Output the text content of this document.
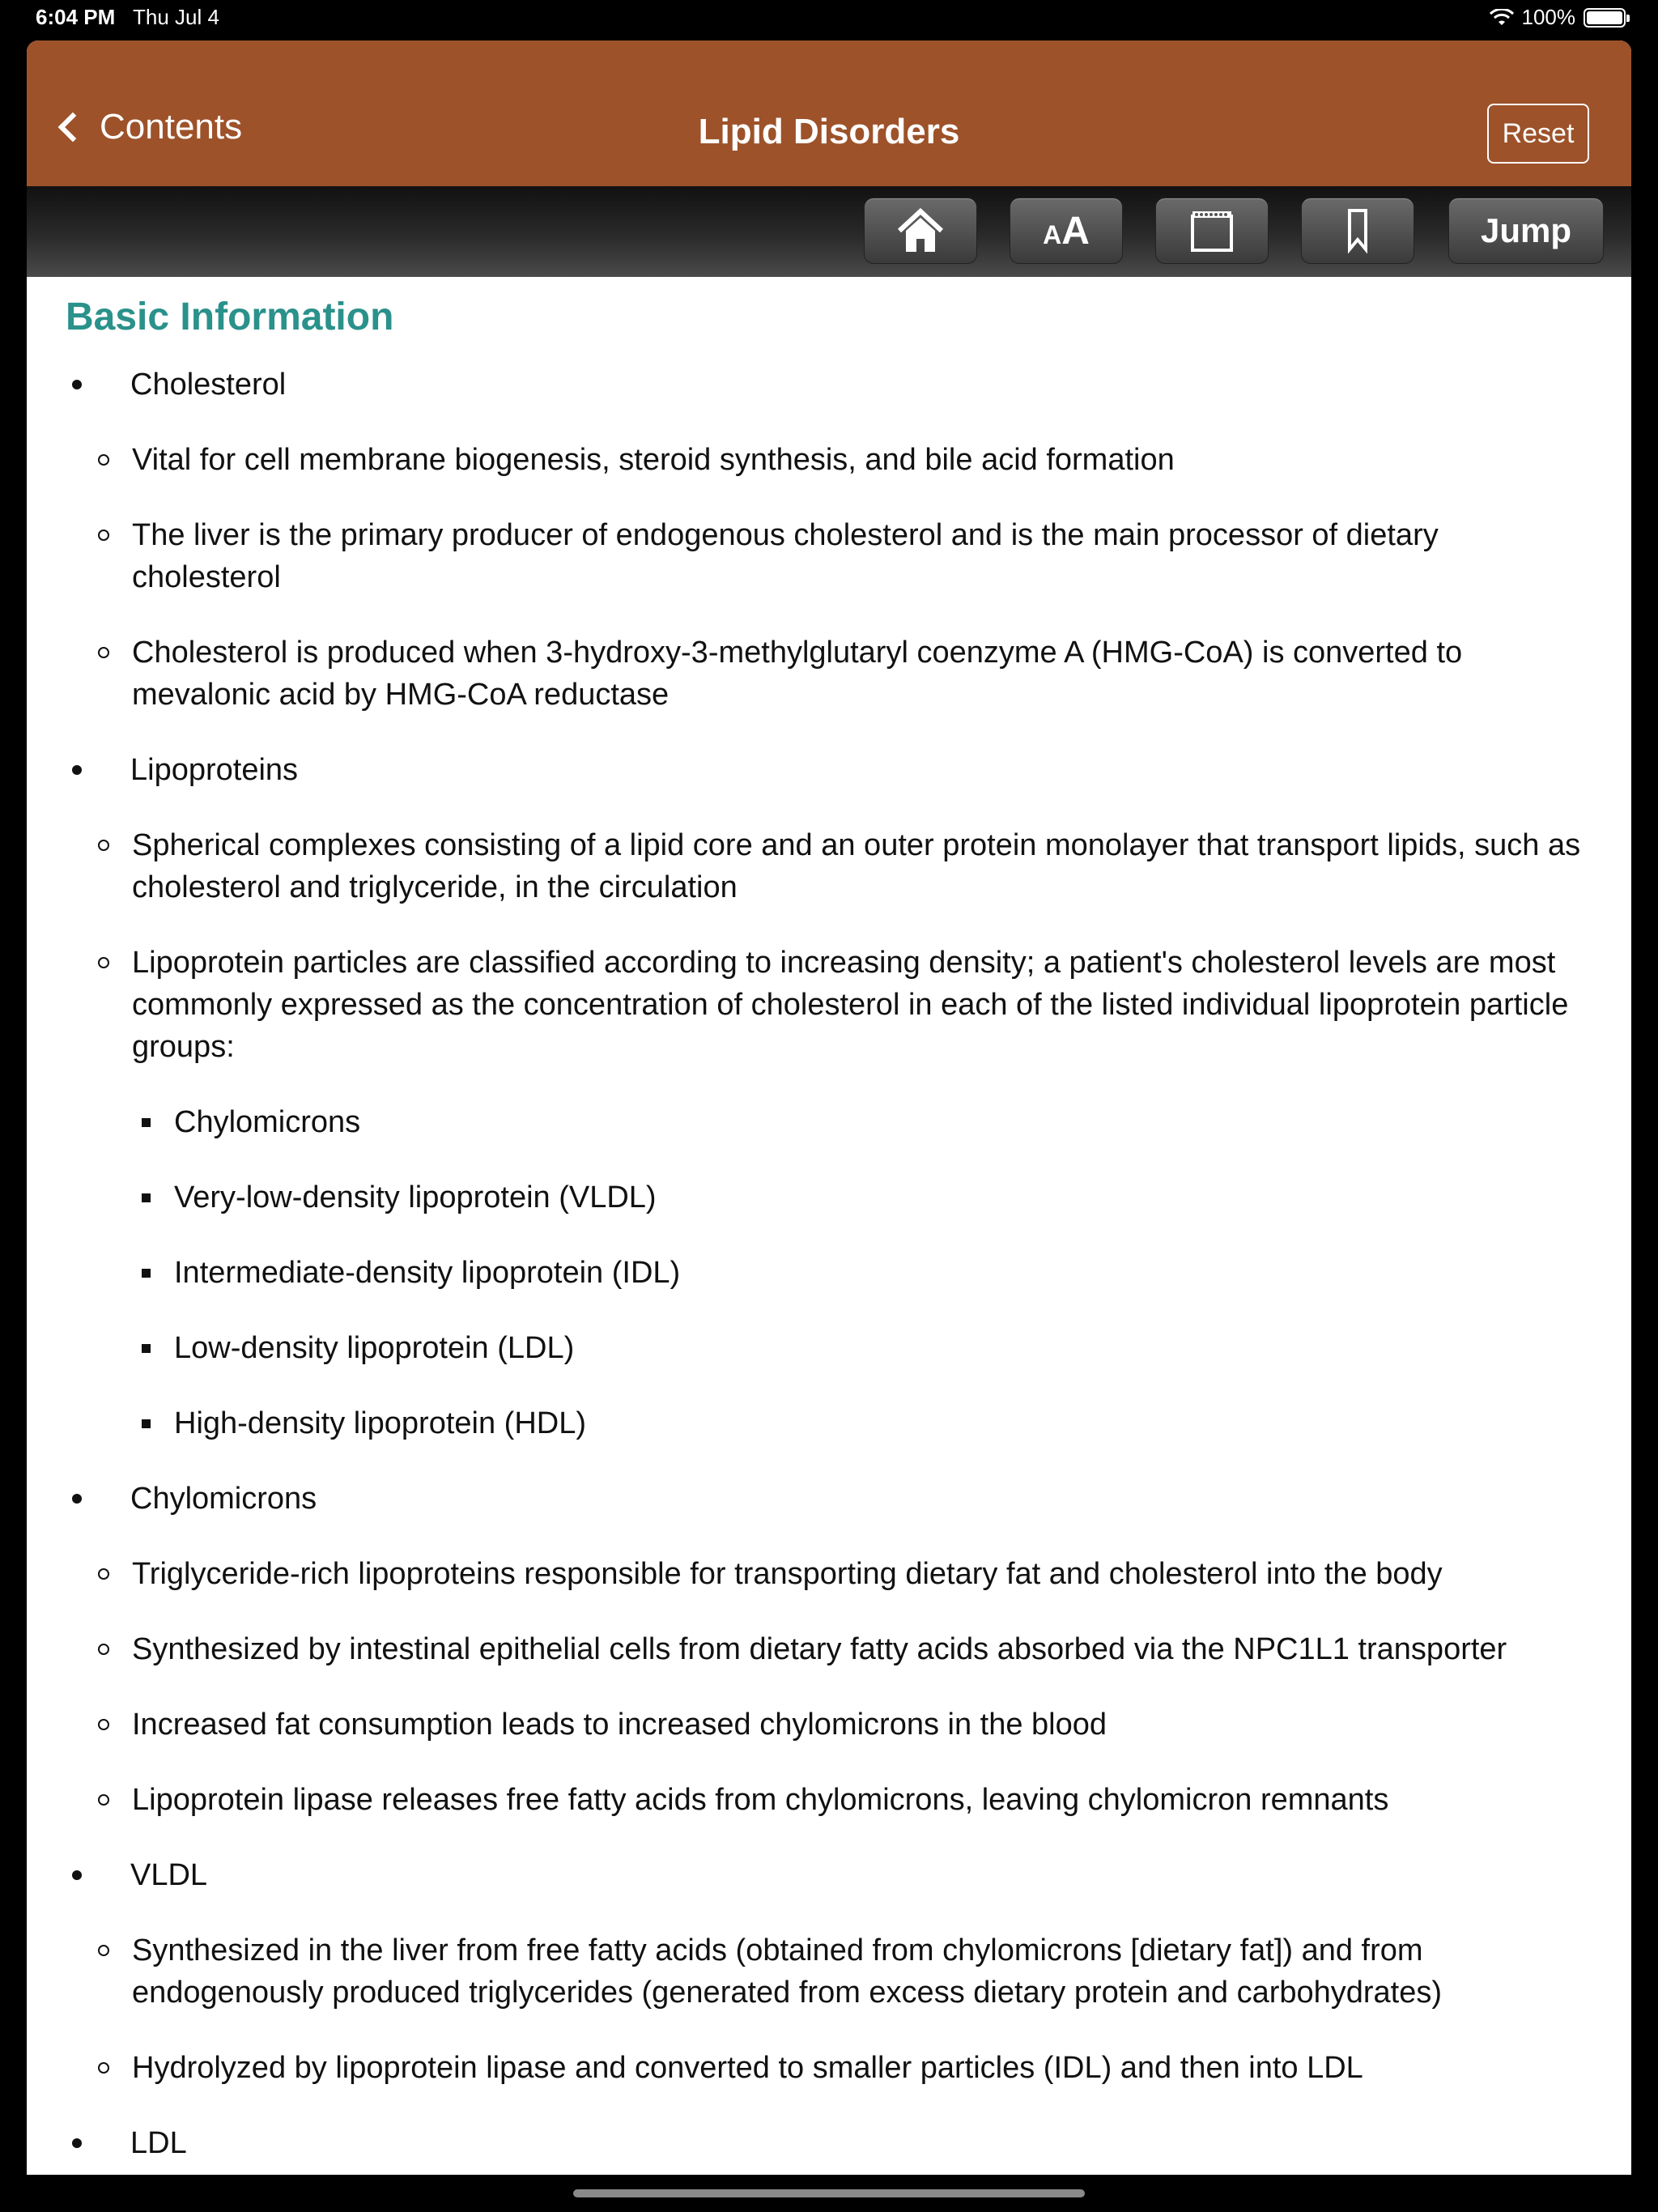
6:04 PM Thu Jul 4	100%
Contents	Lipid Disorders	Reset
AA	Jump
Basic Information
Cholesterol
Vital for cell membrane biogenesis, steroid synthesis, and bile acid formation
The liver is the primary producer of endogenous cholesterol and is the main processor of dietary cholesterol
Cholesterol is produced when 3-hydroxy-3-methylglutaryl coenzyme A (HMG-CoA) is converted to mevalonic acid by HMG-CoA reductase
Lipoproteins
Spherical complexes consisting of a lipid core and an outer protein monolayer that transport lipids, such as cholesterol and triglyceride, in the circulation
Lipoprotein particles are classified according to increasing density; a patient's cholesterol levels are most commonly expressed as the concentration of cholesterol in each of the listed individual lipoprotein particle groups:
Chylomicrons
Very-low-density lipoprotein (VLDL)
Intermediate-density lipoprotein (IDL)
Low-density lipoprotein (LDL)
High-density lipoprotein (HDL)
Chylomicrons
Triglyceride-rich lipoproteins responsible for transporting dietary fat and cholesterol into the body
Synthesized by intestinal epithelial cells from dietary fatty acids absorbed via the NPC1L1 transporter
Increased fat consumption leads to increased chylomicrons in the blood
Lipoprotein lipase releases free fatty acids from chylomicrons, leaving chylomicron remnants
VLDL
Synthesized in the liver from free fatty acids (obtained from chylomicrons [dietary fat]) and from endogenously produced triglycerides (generated from excess dietary protein and carbohydrates)
Hydrolyzed by lipoprotein lipase and converted to smaller particles (IDL) and then into LDL
LDL
